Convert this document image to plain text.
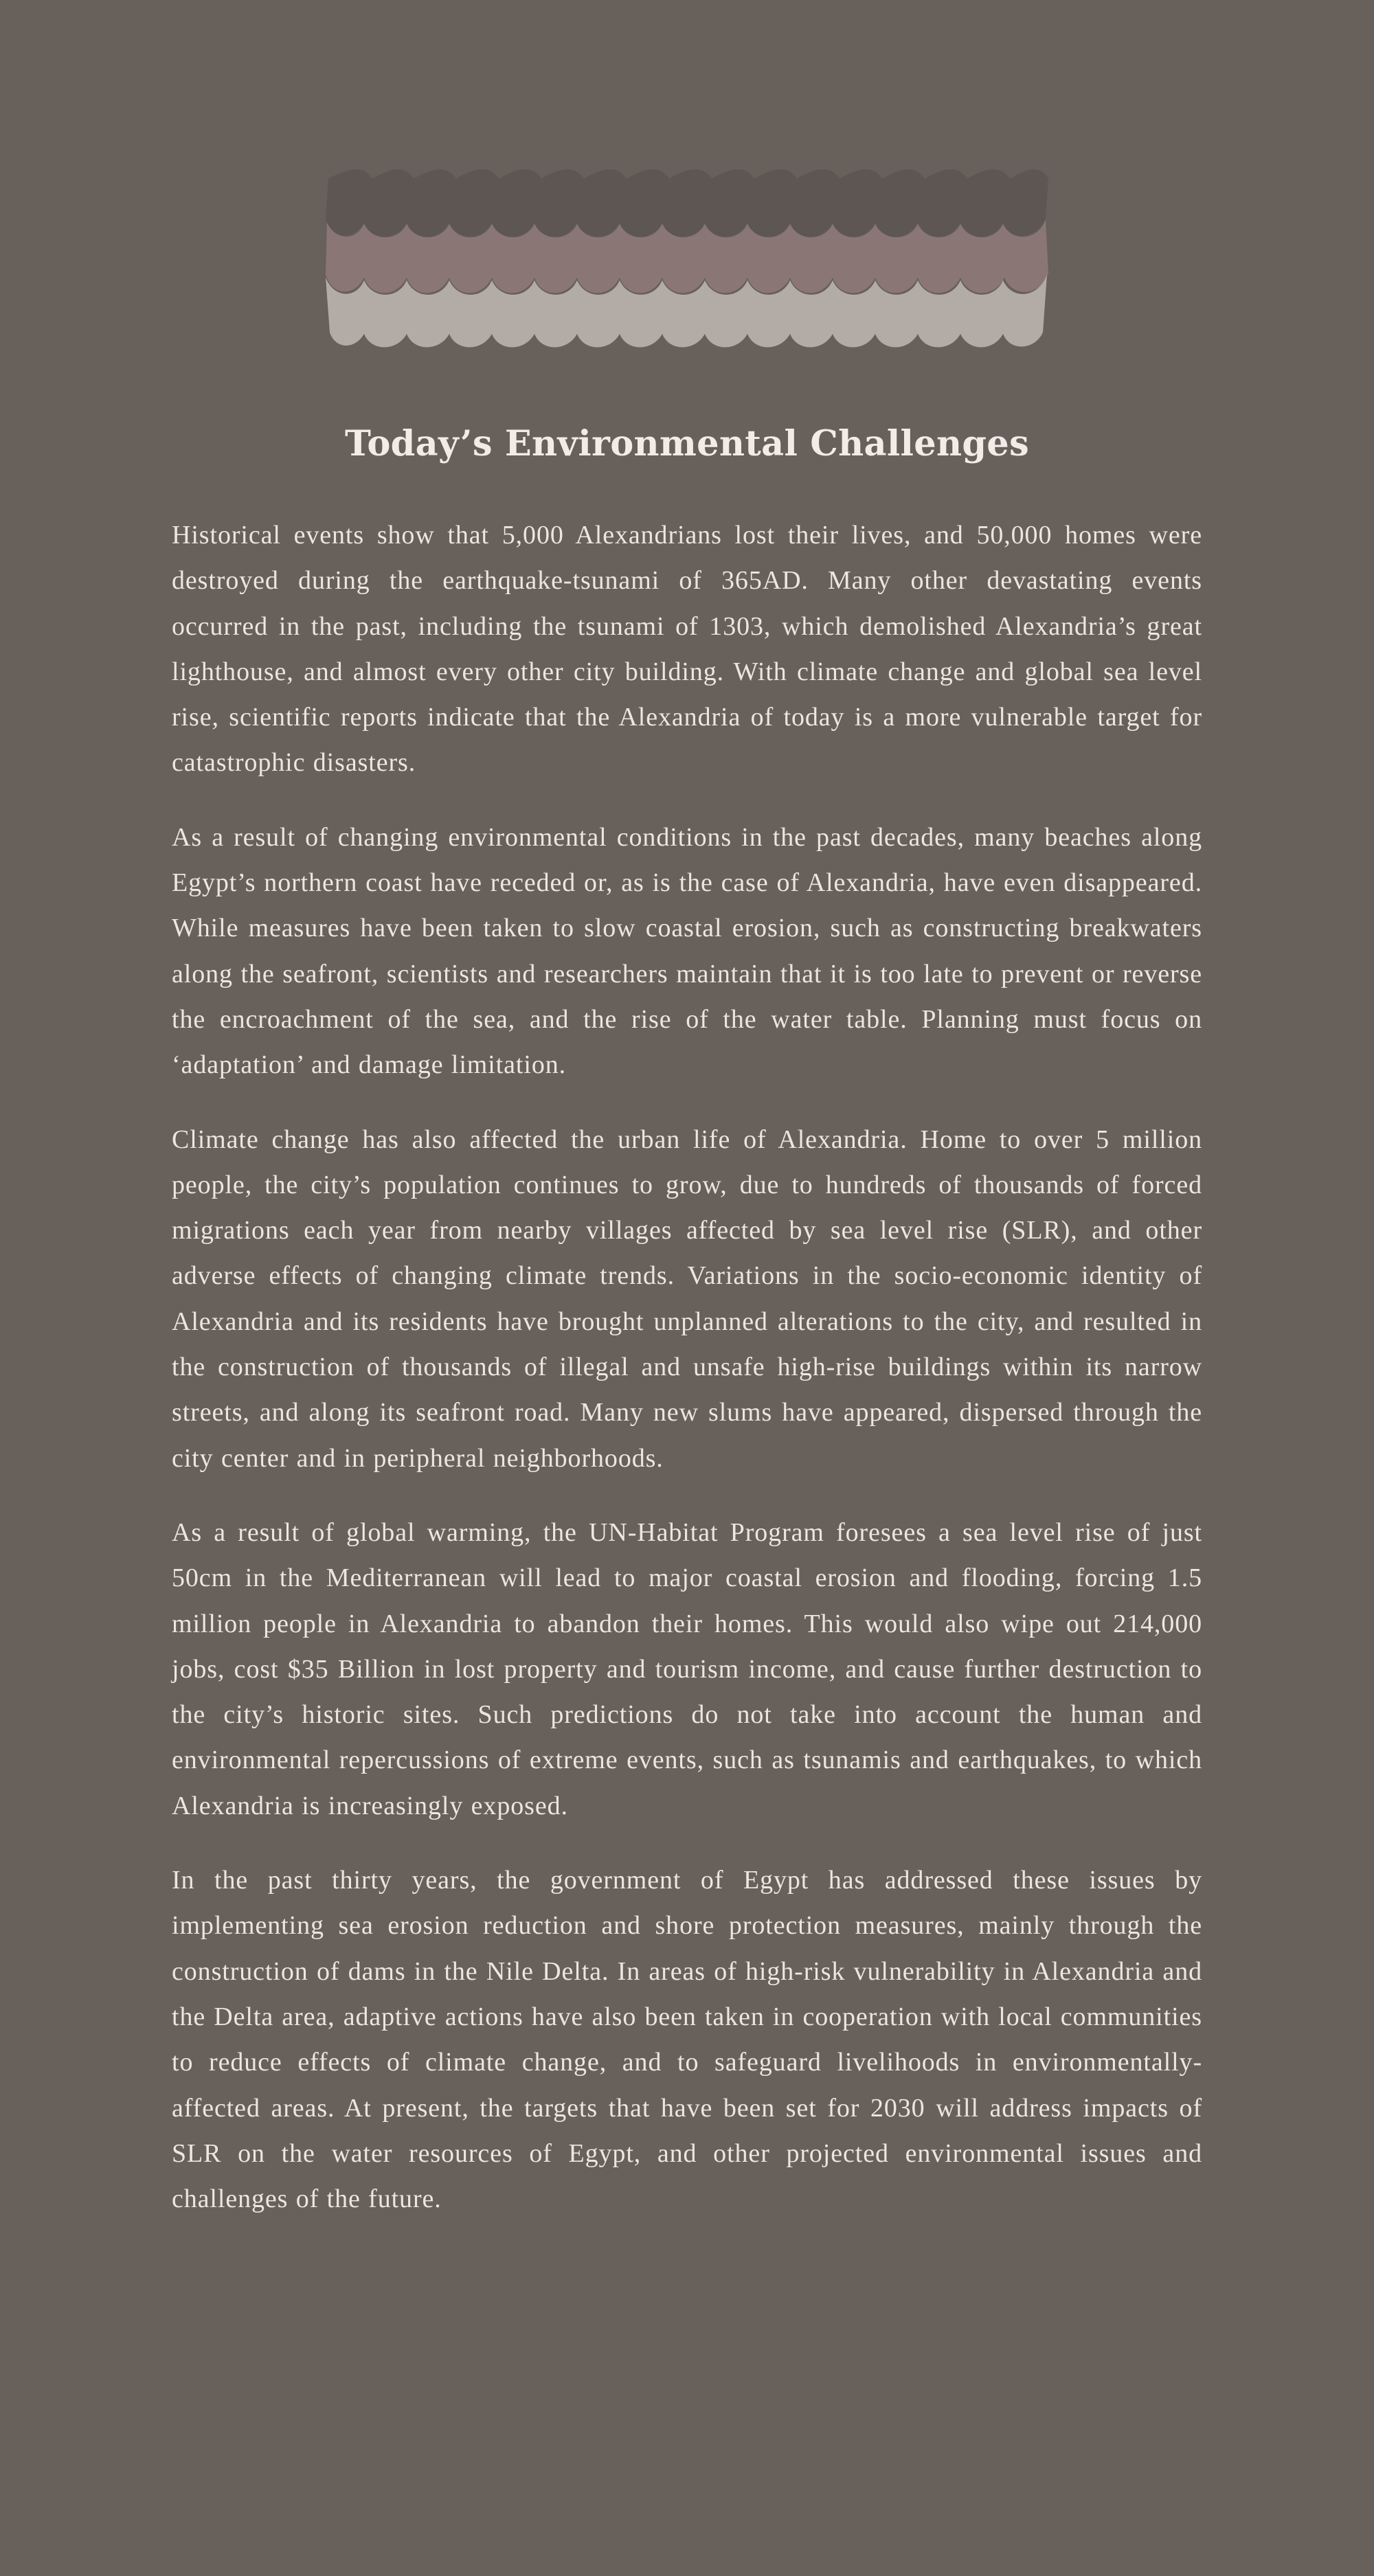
Today’s Environmental Challenges

Historical events show that 5,000 Alexandrians lost their lives, and 50,000 homes were destroyed during the earthquake-tsunami of 365AD. Many other devastating events occurred in the past, including the tsunami of 1303, which demolished Alexandria’s great lighthouse, and almost every other city building. With climate change and global sea level rise, scientific reports indicate that the Alexandria of today is a more vulnerable target for catastrophic disasters.

As a result of changing environmental conditions in the past decades, many beaches along Egypt’s northern coast have receded or, as is the case of Alexandria, have even disappeared. While measures have been taken to slow coastal erosion, such as constructing breakwaters along the seafront, scientists and researchers maintain that it is too late to prevent or reverse the encroachment of the sea, and the rise of the water table. Planning must focus on ‘adaptation’ and damage limitation.

Climate change has also affected the urban life of Alexandria. Home to over 5 million people, the city’s population continues to grow, due to hundreds of thousands of forced migrations each year from nearby villages affected by sea level rise (SLR), and other adverse effects of changing climate trends. Variations in the socio-economic identity of Alexandria and its residents have brought unplanned alterations to the city, and resulted in the construction of thousands of illegal and unsafe high-rise buildings within its narrow streets, and along its seafront road. Many new slums have appeared, dispersed through the city center and in peripheral neighborhoods.

As a result of global warming, the UN-Habitat Program foresees a sea level rise of just 50cm in the Mediterranean will lead to major coastal erosion and flooding, forcing 1.5 million people in Alexandria to abandon their homes. This would also wipe out 214,000 jobs, cost $35 Billion in lost property and tourism income, and cause further destruction to the city’s historic sites. Such predictions do not take into account the human and environmental repercussions of extreme events, such as tsunamis and earthquakes, to which Alexandria is increasingly exposed.

In the past thirty years, the government of Egypt has addressed these issues by implementing sea erosion reduction and shore protection measures, mainly through the construction of dams in the Nile Delta. In areas of high-risk vulnerability in Alexandria and the Delta area, adaptive actions have also been taken in cooperation with local communities to reduce effects of climate change, and to safeguard livelihoods in environmentally-affected areas. At present, the targets that have been set for 2030 will address impacts of SLR on the water resources of Egypt, and other projected environmental issues and challenges of the future.
